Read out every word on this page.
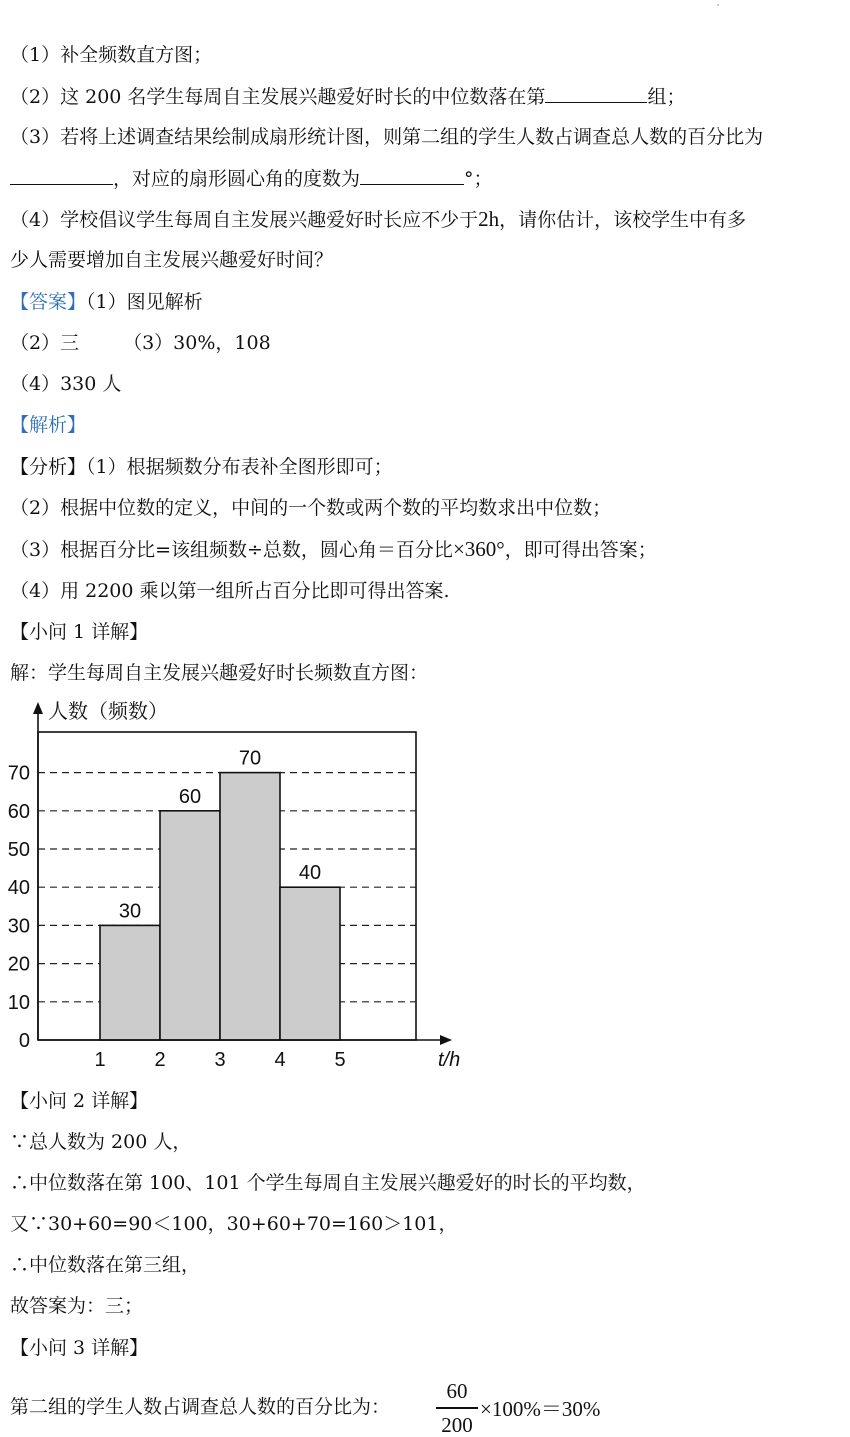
（1）补全频数直方图；
（2）这 200 名学生每周自主发展兴趣爱好时长的中位数落在第	组；
（3）若将上述调查结果绘制成扇形统计图，则第二组的学生人数占调查总人数的百分比为
，对应的扇形圆心角的度数为	°；
（4）学校倡议学生每周自主发展兴趣爱好时长应不少于2h，请你估计，该校学生中有多
少人需要增加自主发展兴趣爱好时间？
【答案】（1）图见解析
（2）三 （3）30%，108
（4）330 人
【解析】
【分析】（1）根据频数分布表补全图形即可；
（2）根据中位数的定义，中间的一个数或两个数的平均数求出中位数；
（3）根据百分比=该组频数÷总数，圆心角＝百分比×360°，即可得出答案；
（4）用 2200 乘以第一组所占百分比即可得出答案.
【小问 1 详解】
解：学生每周自主发展兴趣爱好时长频数直方图：
人数（频数）
t/h
0
10
20
30
40
50
60
70
1 2 3 4 5
30
60
70
40
【小问 2 详解】
∵总人数为 200 人，
∴中位数落在第 100、101 个学生每周自主发展兴趣爱好的时长的平均数，
又∵30+60=90＜100，30+60+70=160＞101，
∴中位数落在第三组，
故答案为：三；
【小问 3 详解】
第二组的学生人数占调查总人数的百分比为：
60
200
×100%＝30%
